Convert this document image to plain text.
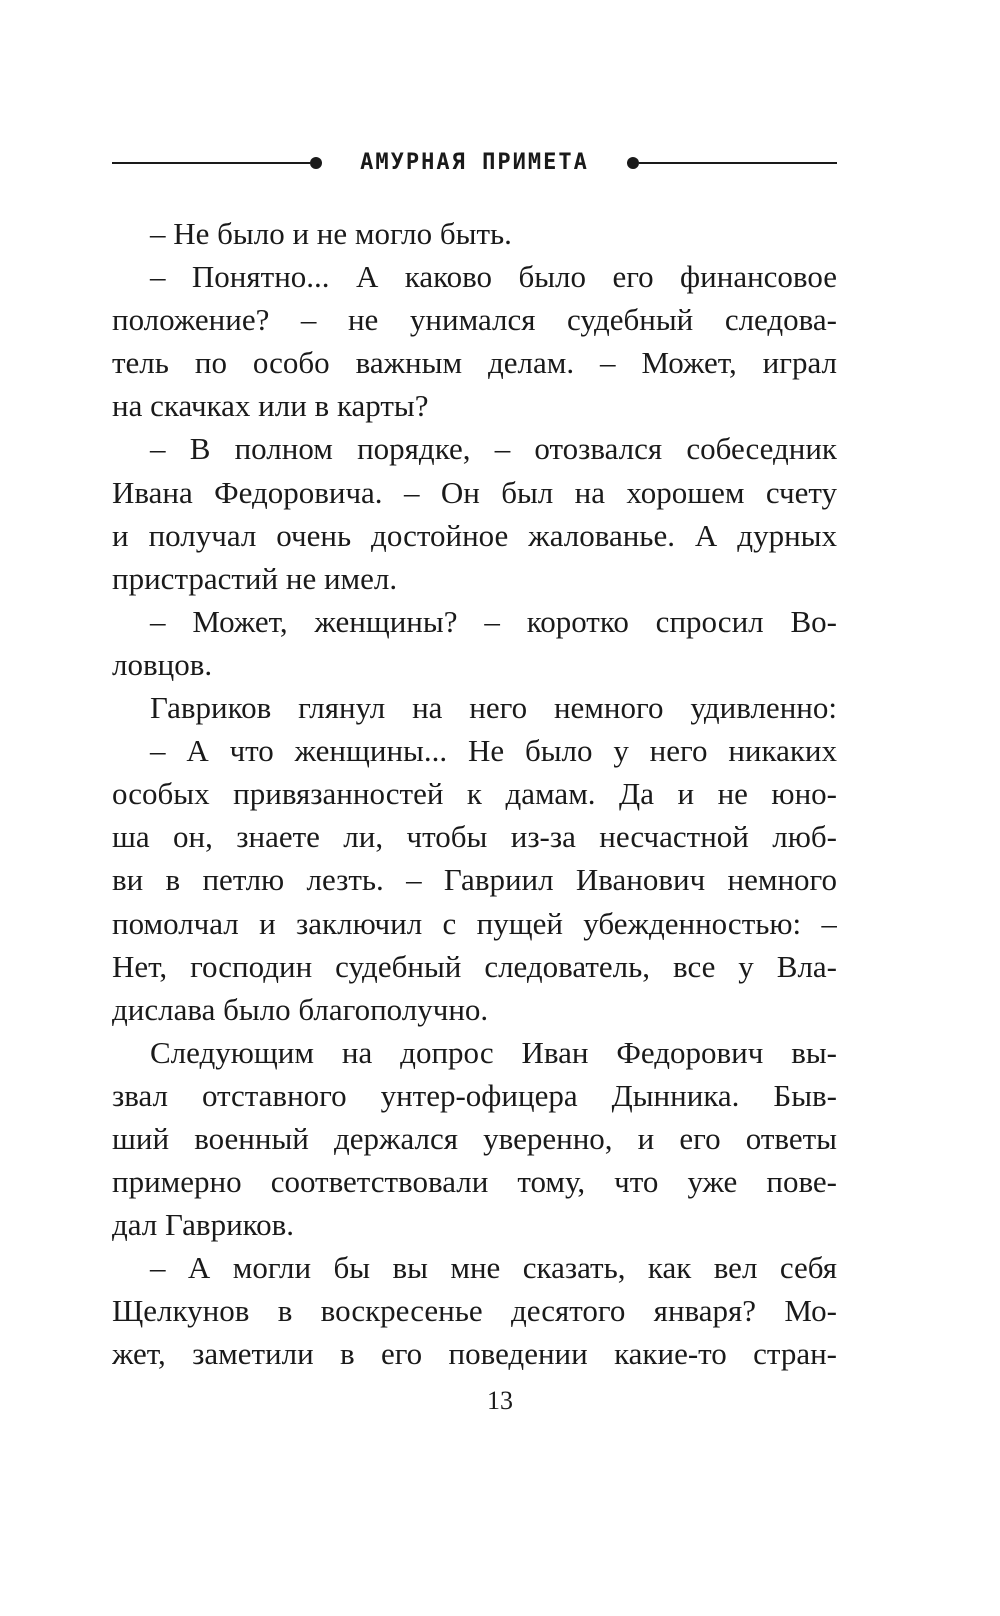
АМУРНАЯ ПРИМЕТА
– Не было и не могло быть.
– Понятно... А каково было его финансовое
положение? – не унимался судебный следова-
тель по особо важным делам. – Может, играл
на скачках или в карты?
– В полном порядке, – отозвался собеседник
Ивана Федоровича. – Он был на хорошем счету
и получал очень достойное жалованье. А дурных
пристрастий не имел.
– Может, женщины? – коротко спросил Во-
ловцов.
Гавриков глянул на него немного удивленно:
– А что женщины... Не было у него никаких
особых привязанностей к дамам. Да и не юно-
ша он, знаете ли, чтобы из-за несчастной люб-
ви в петлю лезть. – Гавриил Иванович немного
помолчал и заключил с пущей убежденностью: –
Нет, господин судебный следователь, все у Вла-
дислава было благополучно.
Следующим на допрос Иван Федорович вы-
звал отставного унтер-офицера Дынника. Быв-
ший военный держался уверенно, и его ответы
примерно соответствовали тому, что уже пове-
дал Гавриков.
– А могли бы вы мне сказать, как вел себя
Щелкунов в воскресенье десятого января? Мо-
жет, заметили в его поведении какие-то стран-
13
